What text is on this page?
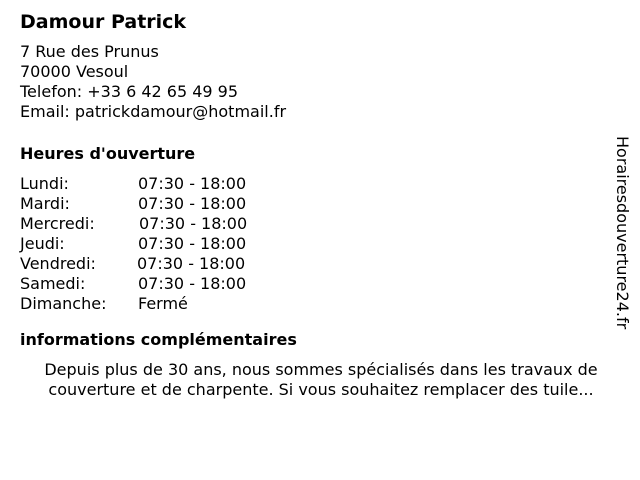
Damour Patrick
7 Rue des Prunus
70000 Vesoul
Telefon: +33 6 42 65 49 95
Email: patrickdamour@hotmail.fr
Heures d'ouverture
Lundi:	07:30 - 18:00
Mardi:	07:30 - 18:00
Mercredi:	07:30 - 18:00
Jeudi:	07:30 - 18:00
Vendredi:	07:30 - 18:00
Samedi:	07:30 - 18:00
Dimanche: Fermé
informations complémentaires
Depuis plus de 30 ans, nous sommes spécialisés dans les travaux de
couverture et de charpente. Si vous souhaitez remplacer des tuile...
Horairesdouverture24.fr
